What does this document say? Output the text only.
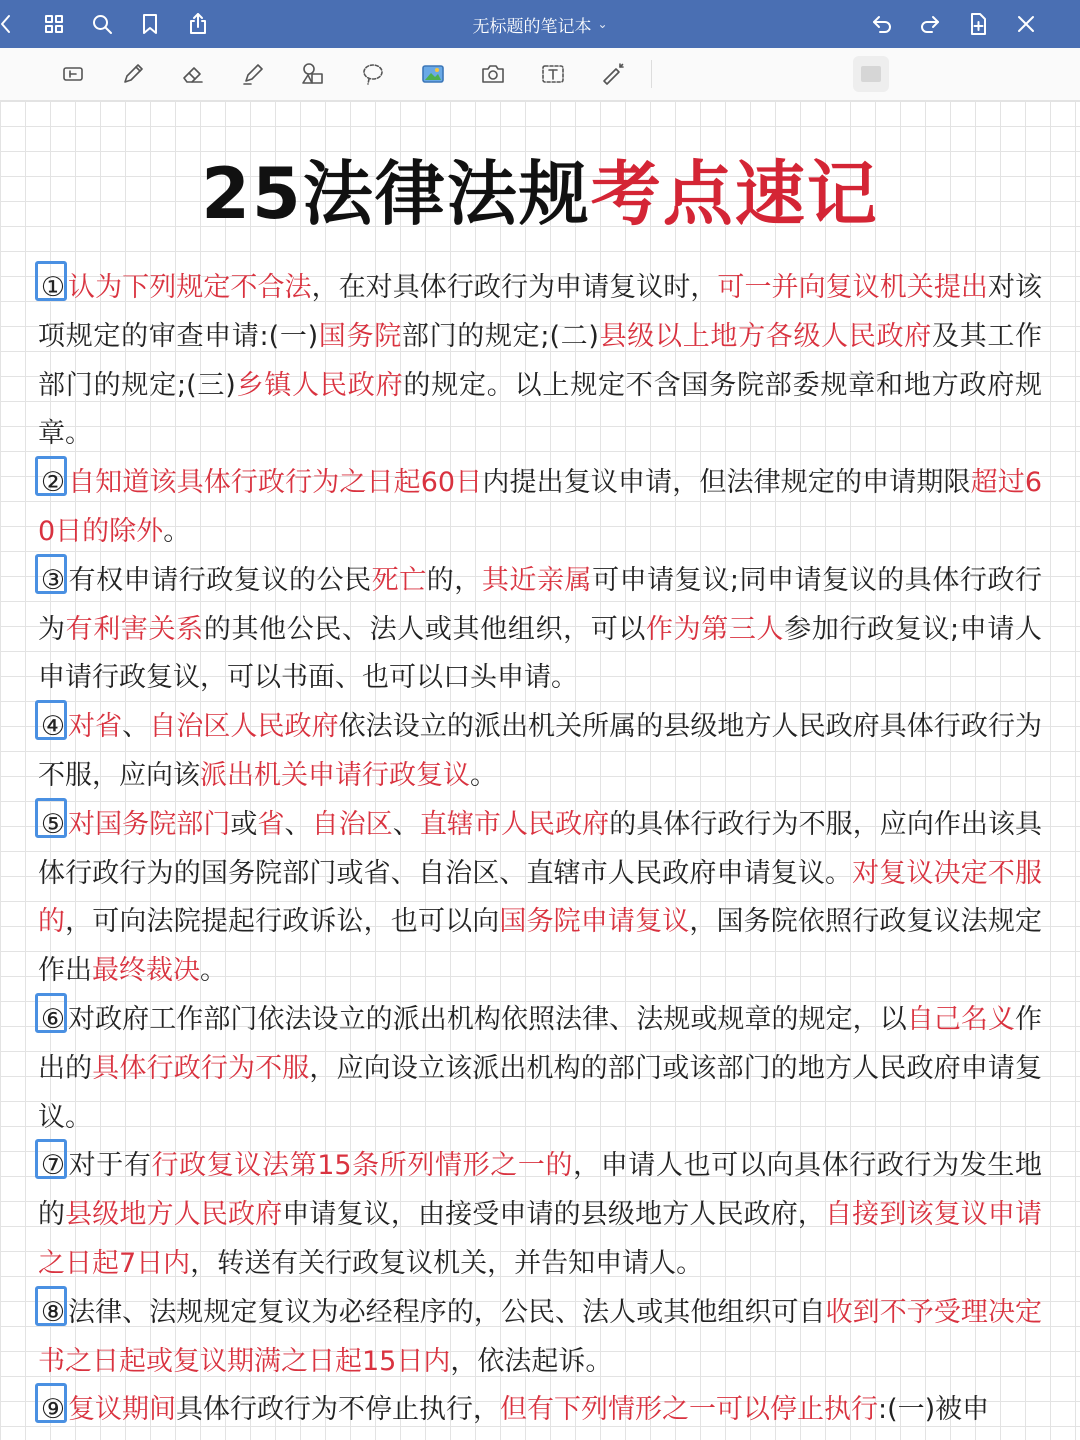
无标题的笔记本 ⌄
25法律法规考点速记
① 认为下列规定不合法，在对具体行政行为申请复议时，可一并向复议机关提出对该项规定的审查申请:(一)国务院部门的规定;(二)县级以上地方各级人民政府及其工作部门的规定;(三)乡镇人民政府的规定。以上规定不含国务院部委规章和地方政府规章。
② 自知道该具体行政行为之日起60日内提出复议申请，但法律规定的申请期限超过60日的除外。
③ 有权申请行政复议的公民死亡的，其近亲属可申请复议;同申请复议的具体行政行为有利害关系的其他公民、法人或其他组织，可以作为第三人参加行政复议;申请人申请行政复议，可以书面、也可以口头申请。
④ 对省、自治区人民政府依法设立的派出机关所属的县级地方人民政府具体行政行为不服，应向该派出机关申请行政复议。
⑤ 对国务院部门或省、自治区、直辖市人民政府的具体行政行为不服，应向作出该具体行政行为的国务院部门或省、自治区、直辖市人民政府申请复议。对复议决定不服的，可向法院提起行政诉讼，也可以向国务院申请复议，国务院依照行政复议法规定作出最终裁决。
⑥ 对政府工作部门依法设立的派出机构依照法律、法规或规章的规定，以自己名义作出的具体行政行为不服，应向设立该派出机构的部门或该部门的地方人民政府申请复议。
⑦ 对于有行政复议法第15条所列情形之一的，申请人也可以向具体行政行为发生地的县级地方人民政府申请复议，由接受申请的县级地方人民政府，自接到该复议申请之日起7日内，转送有关行政复议机关，并告知申请人。
⑧ 法律、法规规定复议为必经程序的，公民、法人或其他组织可自收到不予受理决定书之日起或复议期满之日起15日内，依法起诉。
⑨ 复议期间具体行政行为不停止执行，但有下列情形之一可以停止执行:(一)被申
